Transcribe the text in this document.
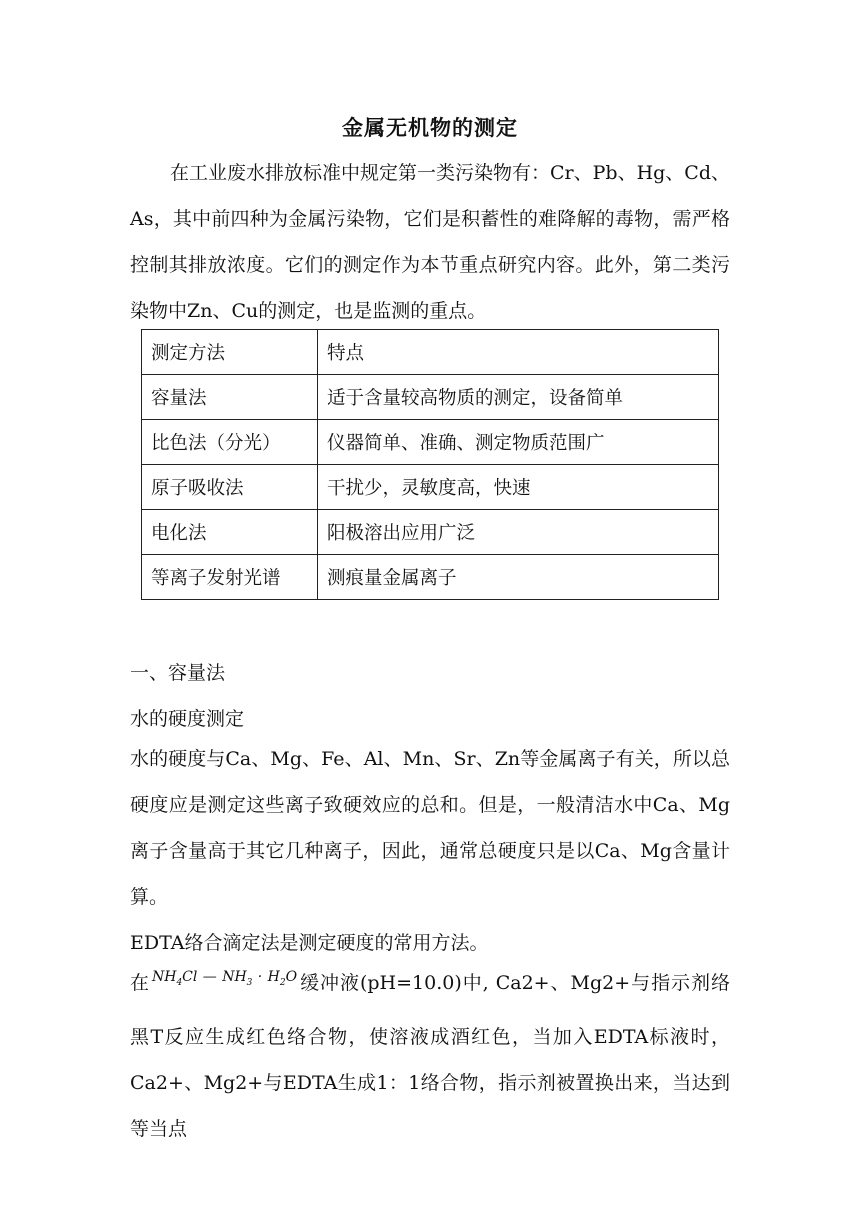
金属无机物的测定
在工业废水排放标准中规定第一类污染物有：Cr、Pb、Hg、Cd、As，其中前四种为金属污染物，它们是积蓄性的难降解的毒物，需严格控制其排放浓度。它们的测定作为本节重点研究内容。此外，第二类污染物中Zn、Cu的测定，也是监测的重点。
测定方法	特点
容量法	适于含量较高物质的测定，设备简单
比色法（分光）	仪器简单、准确、测定物质范围广
原子吸收法	干扰少，灵敏度高，快速
电化法	阳极溶出应用广泛
等离子发射光谱	测痕量金属离子
一、容量法
水的硬度测定
水的硬度与Ca、Mg、Fe、Al、Mn、Sr、Zn等金属离子有关，所以总硬度应是测定这些离子致硬效应的总和。但是，一般清洁水中Ca、Mg离子含量高于其它几种离子，因此，通常总硬度只是以Ca、Mg含量计算。
EDTA络合滴定法是测定硬度的常用方法。
在 $^{NH_4Cl — NH_3 \cdot H_2O}$ 缓冲液(pH=10.0)中, Ca2+、Mg2+与指示剂络黑T反应生成红色络合物，使溶液成酒红色，当加入EDTA标液时，Ca2+、Mg2+与EDTA生成1：1络合物，指示剂被置换出来，当达到等当点
